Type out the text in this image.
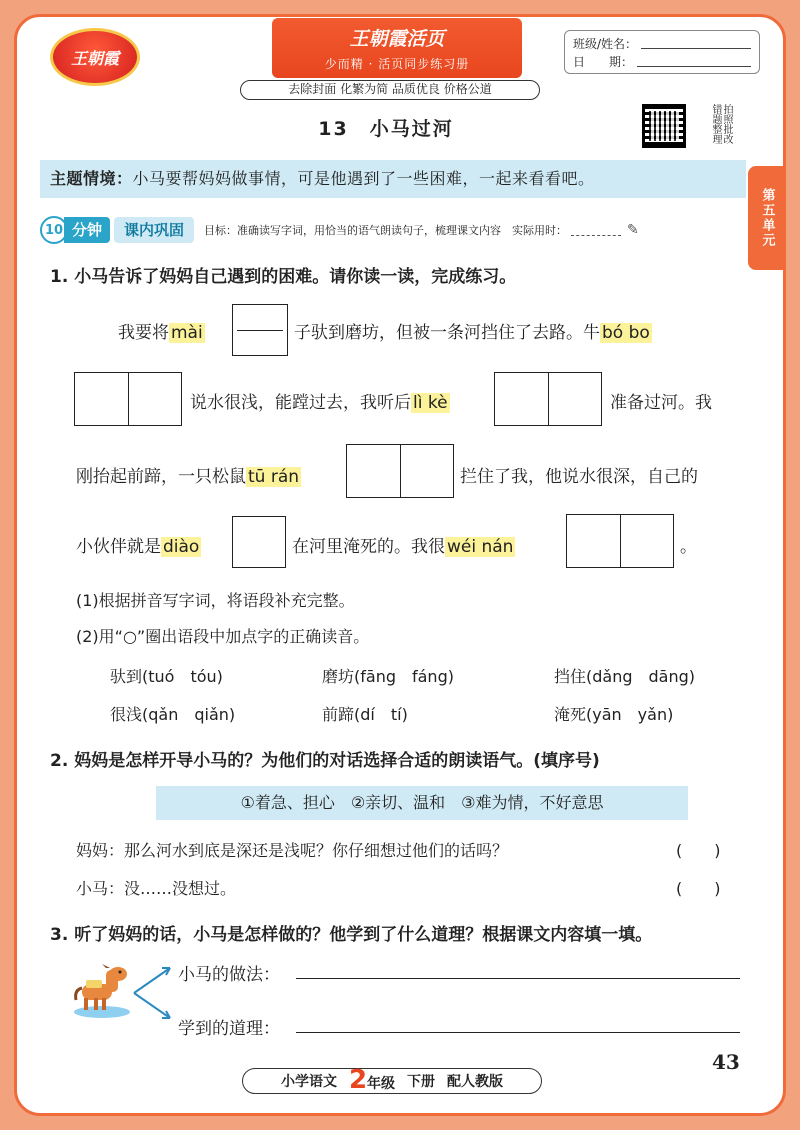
王朝霞
王朝霞活页
少而精 · 活页同步练习册
去除封面 化繁为简 品质优良 价格公道
班级/姓名：
日　　期：
13　小马过河	拍照批改错题整理
第五单元
主题情境：小马要帮妈妈做事情，可是他遇到了一些困难，一起来看看吧。
10 分钟	课内巩固	目标：准确读写字词，用恰当的语气朗读句子，梳理课文内容　实际用时：	✎
1. 小马告诉了妈妈自己遇到的困难。请你读一读，完成练习。
我要将 mài	子驮到磨坊，但被一条河挡住了去路。牛 bó bo
说水很浅，能蹚过去，我听后 lì kè	准备过河。我
刚抬起前蹄，一只松鼠 tū rán	拦住了我，他说水很深，自己的
小伙伴就是 diào	在河里淹死的。我很 wéi nán	。
(1)根据拼音写字词，将语段补充完整。
(2)用“○”圈出语段中加点字的正确读音。
驮到(tuó　tóu)	磨坊(fāng　fáng)	挡住(dǎng　dāng)
很浅(qǎn　qiǎn)	前蹄(dí　tí)	淹死(yān　yǎn)
2. 妈妈是怎样开导小马的？为他们的对话选择合适的朗读语气。(填序号)
①着急、担心　②亲切、温和　③难为情，不好意思
妈妈：那么河水到底是深还是浅呢？你仔细想过他们的话吗？	(　　)
小马：没……没想过。	(　　)
3. 听了妈妈的话，小马是怎样做的？他学到了什么道理？根据课文内容填一填。
小马的做法：
学到的道理：
43
小学语文 2年级 下册 配人教版
